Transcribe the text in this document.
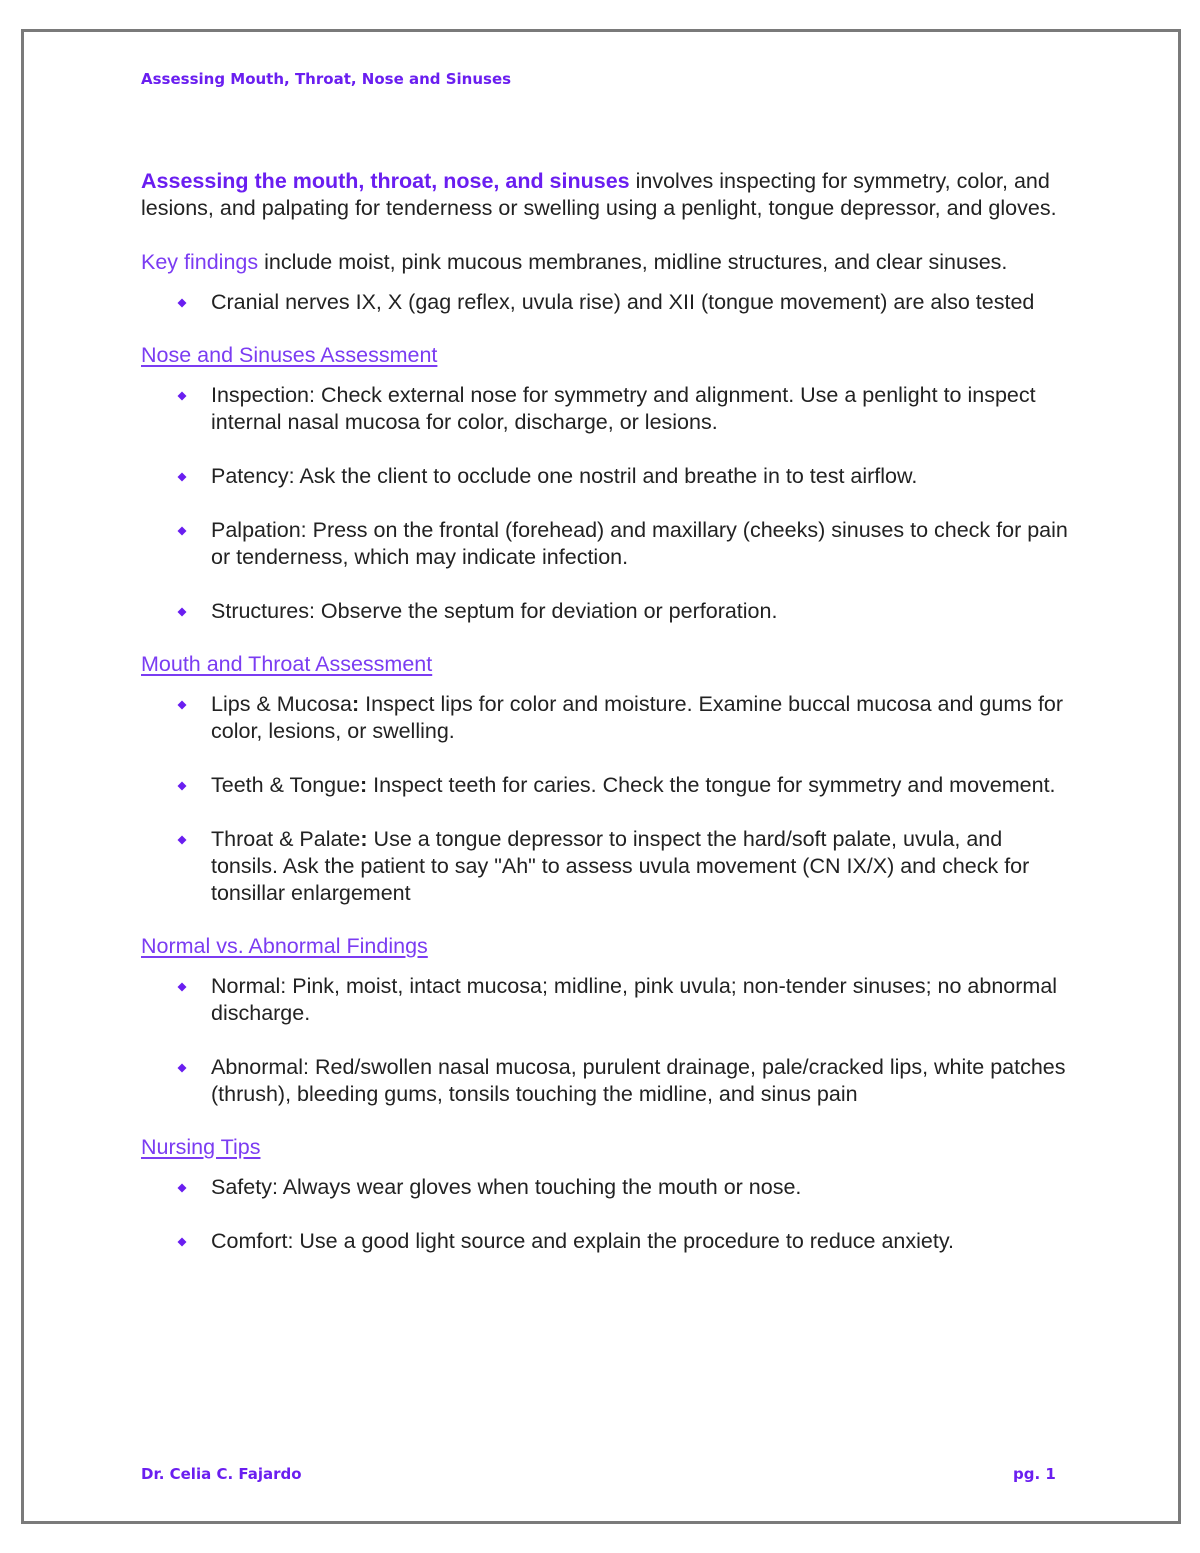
Assessing Mouth, Throat, Nose and Sinuses

Assessing the mouth, throat, nose, and sinuses involves inspecting for symmetry, color, and lesions, and palpating for tenderness or swelling using a penlight, tongue depressor, and gloves.

Key findings include moist, pink mucous membranes, midline structures, and clear sinuses.

Cranial nerves IX, X (gag reflex, uvula rise) and XII (tongue movement) are also tested

Nose and Sinuses Assessment

Inspection: Check external nose for symmetry and alignment. Use a penlight to inspect internal nasal mucosa for color, discharge, or lesions.
Patency: Ask the client to occlude one nostril and breathe in to test airflow.
Palpation: Press on the frontal (forehead) and maxillary (cheeks) sinuses to check for pain or tenderness, which may indicate infection.
Structures: Observe the septum for deviation or perforation.

Mouth and Throat Assessment

Lips & Mucosa: Inspect lips for color and moisture. Examine buccal mucosa and gums for color, lesions, or swelling.
Teeth & Tongue: Inspect teeth for caries. Check the tongue for symmetry and movement.
Throat & Palate: Use a tongue depressor to inspect the hard/soft palate, uvula, and tonsils. Ask the patient to say "Ah" to assess uvula movement (CN IX/X) and check for tonsillar enlargement

Normal vs. Abnormal Findings

Normal: Pink, moist, intact mucosa; midline, pink uvula; non-tender sinuses; no abnormal discharge.
Abnormal: Red/swollen nasal mucosa, purulent drainage, pale/cracked lips, white patches (thrush), bleeding gums, tonsils touching the midline, and sinus pain

Nursing Tips

Safety: Always wear gloves when touching the mouth or nose.
Comfort: Use a good light source and explain the procedure to reduce anxiety.
Dr. Celia C. Fajardo	pg. 1
